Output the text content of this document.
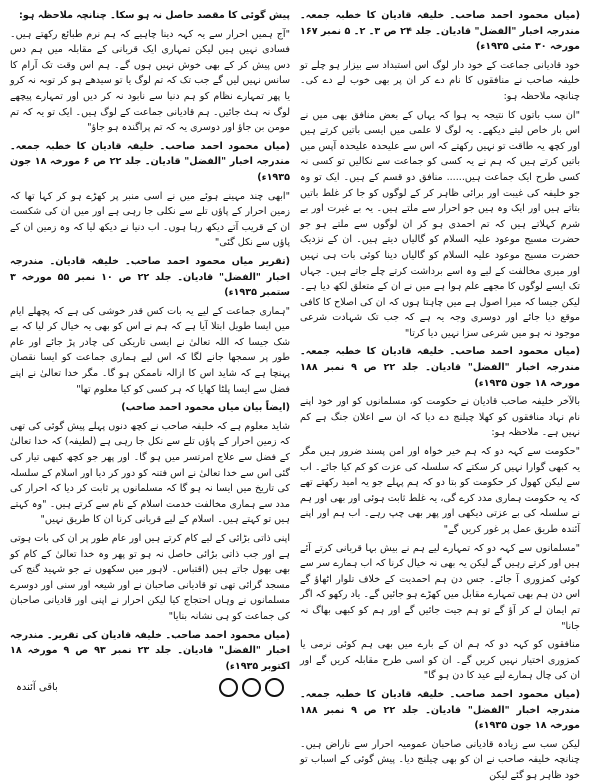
(میاں محمود احمد صاحب۔ خلیفہ قادیان کا خطبہ جمعہ۔ مندرجہ اخبار "الفضل" قادیان۔ جلد ۲۴ ص ۳۔ ۲۔ ۵ نمبر ۱۶۷ مورخہ ۳۰ مئی ۱۹۳۵ء)

خود قادیانی جماعت کے خود دار لوگ اس استبداد سے بیزار ہو چلے تو خلیفہ صاحب نے منافقوں کا نام دے کر ان پر بھی خوب لے دے کی۔ چنانچہ ملاحظہ ہو:

"ان سب باتوں کا نتیجہ یہ ہوا کہ یہاں کے بعض منافق بھی میں نے اس بار خاص لیتے دیکھے۔ یہ لوگ لا علمی میں ایسی باتیں کرتے ہیں اور کچھ یہ طاقت تو نہیں رکھتے کہ اس سے علیحدہ علیحدہ آپس میں باتیں کرتے ہیں کہ ہم نے یہ کسی کو جماعت سے نکالیں تو کسی نہ کسی طرح ایک جماعت ہیں...... منافق دو قسم کے ہیں۔ ایک تو وہ جو خلیفہ کی غیبت اور برائی ظاہر کر کے لوگوں کو جا کر غلط باتیں بتاتے ہیں اور ایک وہ ہیں جو احرار سے ملتے ہیں۔ یہ بے غیرت اور بے شرم کہلاتے ہیں کہ تم احمدی ہو کر ان لوگوں سے ملتے ہو جو حضرت مسیح موعود علیہ السلام کو گالیاں دیتے ہیں۔ ان کے نزدیک حضرت مسیح موعود علیہ السلام کو گالیاں دینا کوئی بات ہی نہیں اور میری مخالفت کے لیے وہ اسے برداشت کرتے چلے جاتے ہیں۔ جہاں تک ایسے لوگوں کا مجھے علم ہوا ہے میں نے ان کے متعلق لکھ دیا ہے۔ لیکن جیسا کہ میرا اصول ہے میں چاہتا ہوں کہ ان کی اصلاح کا کافی موقع دیا جائے اور دوسری وجہ یہ ہے کہ جب تک شہادت شرعی موجود نہ ہو میں شرعی سزا نہیں دیا کرتا"

(میاں محمود احمد صاحب۔ خلیفہ قادیان کا خطبہ جمعہ۔ مندرجہ اخبار "الفضل" قادیان۔ جلد ۲۲ ص ۹ نمبر ۱۸۸ مورخہ ۱۸ جون ۱۹۳۵ء)

بالآخر خلیفہ صاحب قادیان نے حکومت کو، مسلمانوں کو اور خود اپنے نام نہاد منافقوں کو کھلا چیلنج دے دیا کہ ان سے اعلان جنگ ہے کم نہیں ہے۔ ملاحظہ ہو:

"حکومت سے کہہ دو کہ ہم خیر خواہ اور امن پسند ضرور ہیں مگر یہ کبھی گوارا نہیں کر سکتے کہ سلسلہ کی عزت کو کم کیا جائے۔ اب سے لیکن کھول کر حکومت کو بتا دو کہ ہم پہلے جو یہ امید رکھتے تھے کہ یہ حکومت ہماری مدد کرے گی، یہ غلط ثابت ہوئی اور بھی اور ہم نے سلسلہ کی بے عزتی دیکھی اور پھر بھی چپ رہے۔ اب ہم اور اپنے آئندہ طریق عمل پر غور کریں گے"

"مسلمانوں سے کہہ دو کہ تمہارے لیے ہم نے بیش بہا قربانی کرتے آئے ہیں اور کرتے رہیں گے لیکن یہ بھی نہ خیال کرنا کہ اب ہمارے سر سے کوئی کمزوری آ جائے۔ جس دن ہم احمدیت کے خلاف تلوار اٹھاؤ گے اس دن ہم بھی تمہارے مقابل میں کھڑے ہو جائیں گے۔ یاد رکھو کہ اگر تم ایمان لے کر آؤ گے تو ہم جیت جائیں گے اور ہم کو کبھی بھاگ نہ جانا"

منافقوں کو کہہ دو کہ ہم ان کے بارے میں بھی ہم کوئی نرمی یا کمزوری اختیار نہیں کریں گے۔ ان کو اسی طرح مقابلہ کریں گے اور ان کی چال ہمارے لیے عید کا دن ہو گا"

(میاں محمود احمد صاحب۔ خلیفہ قادیان کا خطبہ جمعہ۔ مندرجہ اخبار "الفضل" قادیان۔ جلد ۲۲ ص ۹ نمبر ۱۸۸ مورخہ ۱۸ جون ۱۹۳۵ء)

لیکن سب سے زیادہ قادیانی صاحبان عمومیہ احرار سے ناراض ہیں۔ چنانچہ خلیفہ صاحب نے ان کو بھی چیلنج دیا۔ پیش گوئی کے اسباب تو خود ظاہر ہو گئے لیکن

پیش گوئی کا مقصد حاصل نہ ہو سکا۔ چنانچہ ملاحظہ ہو:

"آج ہمیں احرار سے یہ کہہ دینا چاہیے کہ ہم نرم طبائع رکھتے ہیں۔ فسادی نہیں ہیں لیکن تمہاری ایک قربانی کے مقابلہ میں ہم دس دس پیش کر کے بھی خوش نہیں ہوں گے۔ ہم اس وقت تک آرام کا سانس نہیں لیں گے جب تک کہ تم لوگ یا تو سیدھے ہو کر توبہ نہ کرو یا پھر تمہارے نظام کو ہم دنیا سے نابود نہ کر دیں اور تمہارے پیچھے لوگ نہ ہٹ جائیں۔ ہم قادیانی جماعت کے لوگ ہیں۔ ایک تو یہ کہ تم مومن بن جاؤ اور دوسری یہ کہ تم پراگندہ ہو جاؤ"

(میاں محمود احمد صاحب۔ خلیفہ قادیان کا خطبہ جمعہ۔ مندرجہ اخبار "الفضل" قادیان۔ جلد ۲۲ ص ۶ مورخہ ۱۸ جون ۱۹۳۵ء)

"ابھی چند مہینے ہوئے میں نے اسی منبر پر کھڑے ہو کر کہا تھا کہ زمین احرار کے پاؤں تلے سے نکلی جا رہی ہے اور میں ان کی شکست ان کے قریب آتے دیکھ رہا ہوں۔ اب دنیا نے دیکھ لیا کہ وہ زمین ان کے پاؤں سے نکل گئی"

(تقریر میاں محمود احمد صاحب۔ خلیفہ قادیان۔ مندرجہ اخبار "الفضل" قادیان۔ جلد ۲۲ ص ۱۰ نمبر ۵۵ مورخہ ۳ ستمبر ۱۹۳۵ء)

"ہماری جماعت کے لیے یہ بات کس قدر خوشی کی ہے کہ پچھلے ایام میں ایسا طویل ابتلا آیا ہے کہ ہم نے اس کو بھی یہ خیال کر لیا کہ بے شک جیسا کہ اللہ تعالیٰ نے ایسی تاریکی کی چادر پڑ جائے اور عام طور پر سمجھا جانے لگا کہ اس لیے ہماری جماعت کو ایسا نقصان پہنچا ہے کہ شاید اس کا ازالہ ناممکن ہو گا۔ مگر خدا تعالیٰ نے اپنے فضل سے ایسا پلٹا کھایا کہ ہر کسی کو کیا معلوم تھا"

(ایضاً بیان میاں محمود احمد صاحب)

شاید معلوم ہے کہ خلیفہ صاحب نے کچھ دنوں پہلے پیش گوئی کی تھی کہ زمین احرار کے پاؤں تلے سے نکل جا رہی ہے (لطیفہ) کہ خدا تعالیٰ کے فضل سے علاج امرتسر میں ہو گا۔ اور پھر جو کچھ کبھی تیار کی گئی اس سے خدا تعالیٰ نے اس فتنہ کو دور کر دیا اور اسلام کے سلسلہ کی تاریخ میں ایسا نہ ہو گا کہ مسلمانوں پر ثابت کر دیا کہ احرار کی مدد سے ہماری مخالفت خدمت اسلام کے نام سے کرتے ہیں۔ "وہ کہتے ہیں تو کہتے ہیں۔ اسلام کے لیے قربانی کرنا ان کا طریق نہیں"

اپنی ذاتی بڑائی کے لیے کام کرتے ہیں اور عام طور پر ان کی بات ہوتی ہے اور جب ذاتی بڑائی حاصل نہ ہو تو پھر وہ خدا تعالیٰ کے کام کو بھی بھول جاتے ہیں (اقتباس۔ لاہور میں سکھوں نے جو شہید گنج کی مسجد گرائی تھی تو قادیانی صاحبان نے اور شیعہ اور سنی اور دوسرے مسلمانوں نے وہاں احتجاج کیا لیکن احرار نے اپنی اور قادیانی صاحبان کی جماعت کو ہی نشانہ بنایا"

(میاں محمود احمد صاحب۔ خلیفہ قادیان کی تقریر۔ مندرجہ اخبار "الفضل" قادیان۔ جلد ۲۳ نمبر ۹۳ ص ۹ مورخہ ۱۸ اکتوبر ۱۹۳۵ء)

باقی آئندہ
